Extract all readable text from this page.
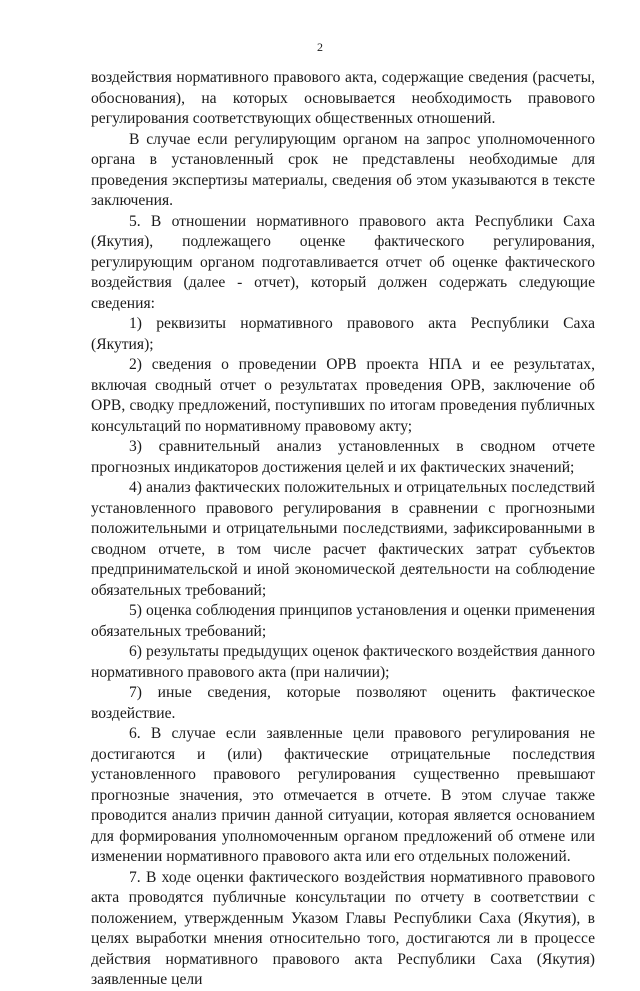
2

воздействия нормативного правового акта, содержащие сведения (расчеты, обоснования), на которых основывается необходимость правового регулирования соответствующих общественных отношений.

В случае если регулирующим органом на запрос уполномоченного органа в установленный срок не представлены необходимые для проведения экспертизы материалы, сведения об этом указываются в тексте заключения.

5. В отношении нормативного правового акта Республики Саха (Якутия), подлежащего оценке фактического регулирования, регулирующим органом подготавливается отчет об оценке фактического воздействия (далее - отчет), который должен содержать следующие сведения:

1) реквизиты нормативного правового акта Республики Саха (Якутия);

2) сведения о проведении ОРВ проекта НПА и ее результатах, включая сводный отчет о результатах проведения ОРВ, заключение об ОРВ, сводку предложений, поступивших по итогам проведения публичных консультаций по нормативному правовому акту;

3) сравнительный анализ установленных в сводном отчете прогнозных индикаторов достижения целей и их фактических значений;

4) анализ фактических положительных и отрицательных последствий установленного правового регулирования в сравнении с прогнозными положительными и отрицательными последствиями, зафиксированными в сводном отчете, в том числе расчет фактических затрат субъектов предпринимательской и иной экономической деятельности на соблюдение обязательных требований;

5) оценка соблюдения принципов установления и оценки применения обязательных требований;

6) результаты предыдущих оценок фактического воздействия данного нормативного правового акта (при наличии);

7) иные сведения, которые позволяют оценить фактическое воздействие.

6. В случае если заявленные цели правового регулирования не достигаются и (или) фактические отрицательные последствия установленного правового регулирования существенно превышают прогнозные значения, это отмечается в отчете. В этом случае также проводится анализ причин данной ситуации, которая является основанием для формирования уполномоченным органом предложений об отмене или изменении нормативного правового акта или его отдельных положений.

7. В ходе оценки фактического воздействия нормативного правового акта проводятся публичные консультации по отчету в соответствии с положением, утвержденным Указом Главы Республики Саха (Якутия), в целях выработки мнения относительно того, достигаются ли в процессе действия нормативного правового акта Республики Саха (Якутия) заявленные цели
